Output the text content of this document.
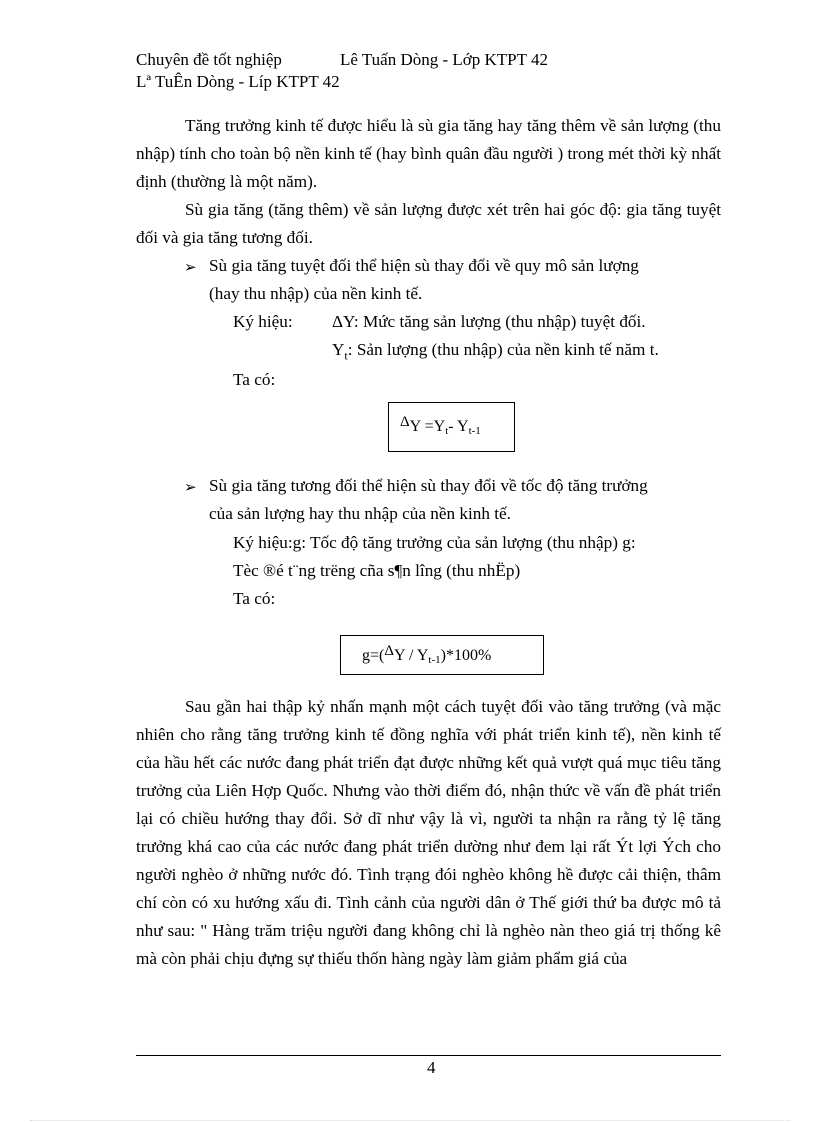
Chuyên đề tốt nghiệp	Lê Tuấn Dòng - Lớp KTPT 42
Lª TuÊn Dòng - Líp KTPT 42

Tăng trưởng kinh tế được hiểu là sù gia tăng hay tăng thêm về sản lượng (thu nhập) tính cho toàn bộ nền kinh tế (hay bình quân đầu người ) trong mét thời kỳ nhất định (thường là một năm).

Sù gia tăng (tăng thêm) về sản lượng được xét trên hai góc độ: gia tăng tuyệt đối và gia tăng tương đối.

➢ Sù gia tăng tuyệt đối thể hiện sù thay đổi về quy mô sản lượng
(hay thu nhập) của nền kinh tế.
Ký hiệu: ΔY: Mức tăng sản lượng (thu nhập) tuyệt đối.
$Y_t$: Sản lượng (thu nhập) của nền kinh tế năm t.
Ta có:
$\Delta Y =Y_t-$ $Y_{t-1}$
➢ Sù gia tăng tương đối thể hiện sù thay đổi về tốc độ tăng trưởng
của sản lượng hay thu nhập của nền kinh tế.
Ký hiệu:g: Tốc độ tăng trưởng của sản lượng (thu nhập) g:
Tèc ®é t¨ng trëng cña s¶n lîng (thu nhËp)
Ta có:
$g=(\Delta Y / Y_{t-1})*100\%$

Sau gần hai thập kỷ nhấn mạnh một cách tuyệt đối vào tăng trưởng (và mặc nhiên cho rằng tăng trưởng kinh tế đồng nghĩa với phát triển kinh tế), nền kinh tế của hầu hết các nước đang phát triển đạt được những kết quả vượt quá mục tiêu tăng trưởng của Liên Hợp Quốc. Nhưng vào thời điểm đó, nhận thức về vấn đề phát triển lại có chiều hướng thay đổi. Sở dĩ như vậy là vì, người ta nhận ra rằng tỷ lệ tăng trưởng khá cao của các nước đang phát triển dường như đem lại rất Ýt lợi Ých cho người nghèo ở những nước đó. Tình trạng đói nghèo không hề được cải thiện, thâm chí còn có xu hướng xấu đi. Tình cảnh của người dân ở Thế giới thứ ba được mô tả như sau: " Hàng trăm triệu người đang không chỉ là nghèo nàn theo giá trị thống kê mà còn phải chịu đựng sự thiếu thốn hàng ngày làm giảm phẩm giá của

4
